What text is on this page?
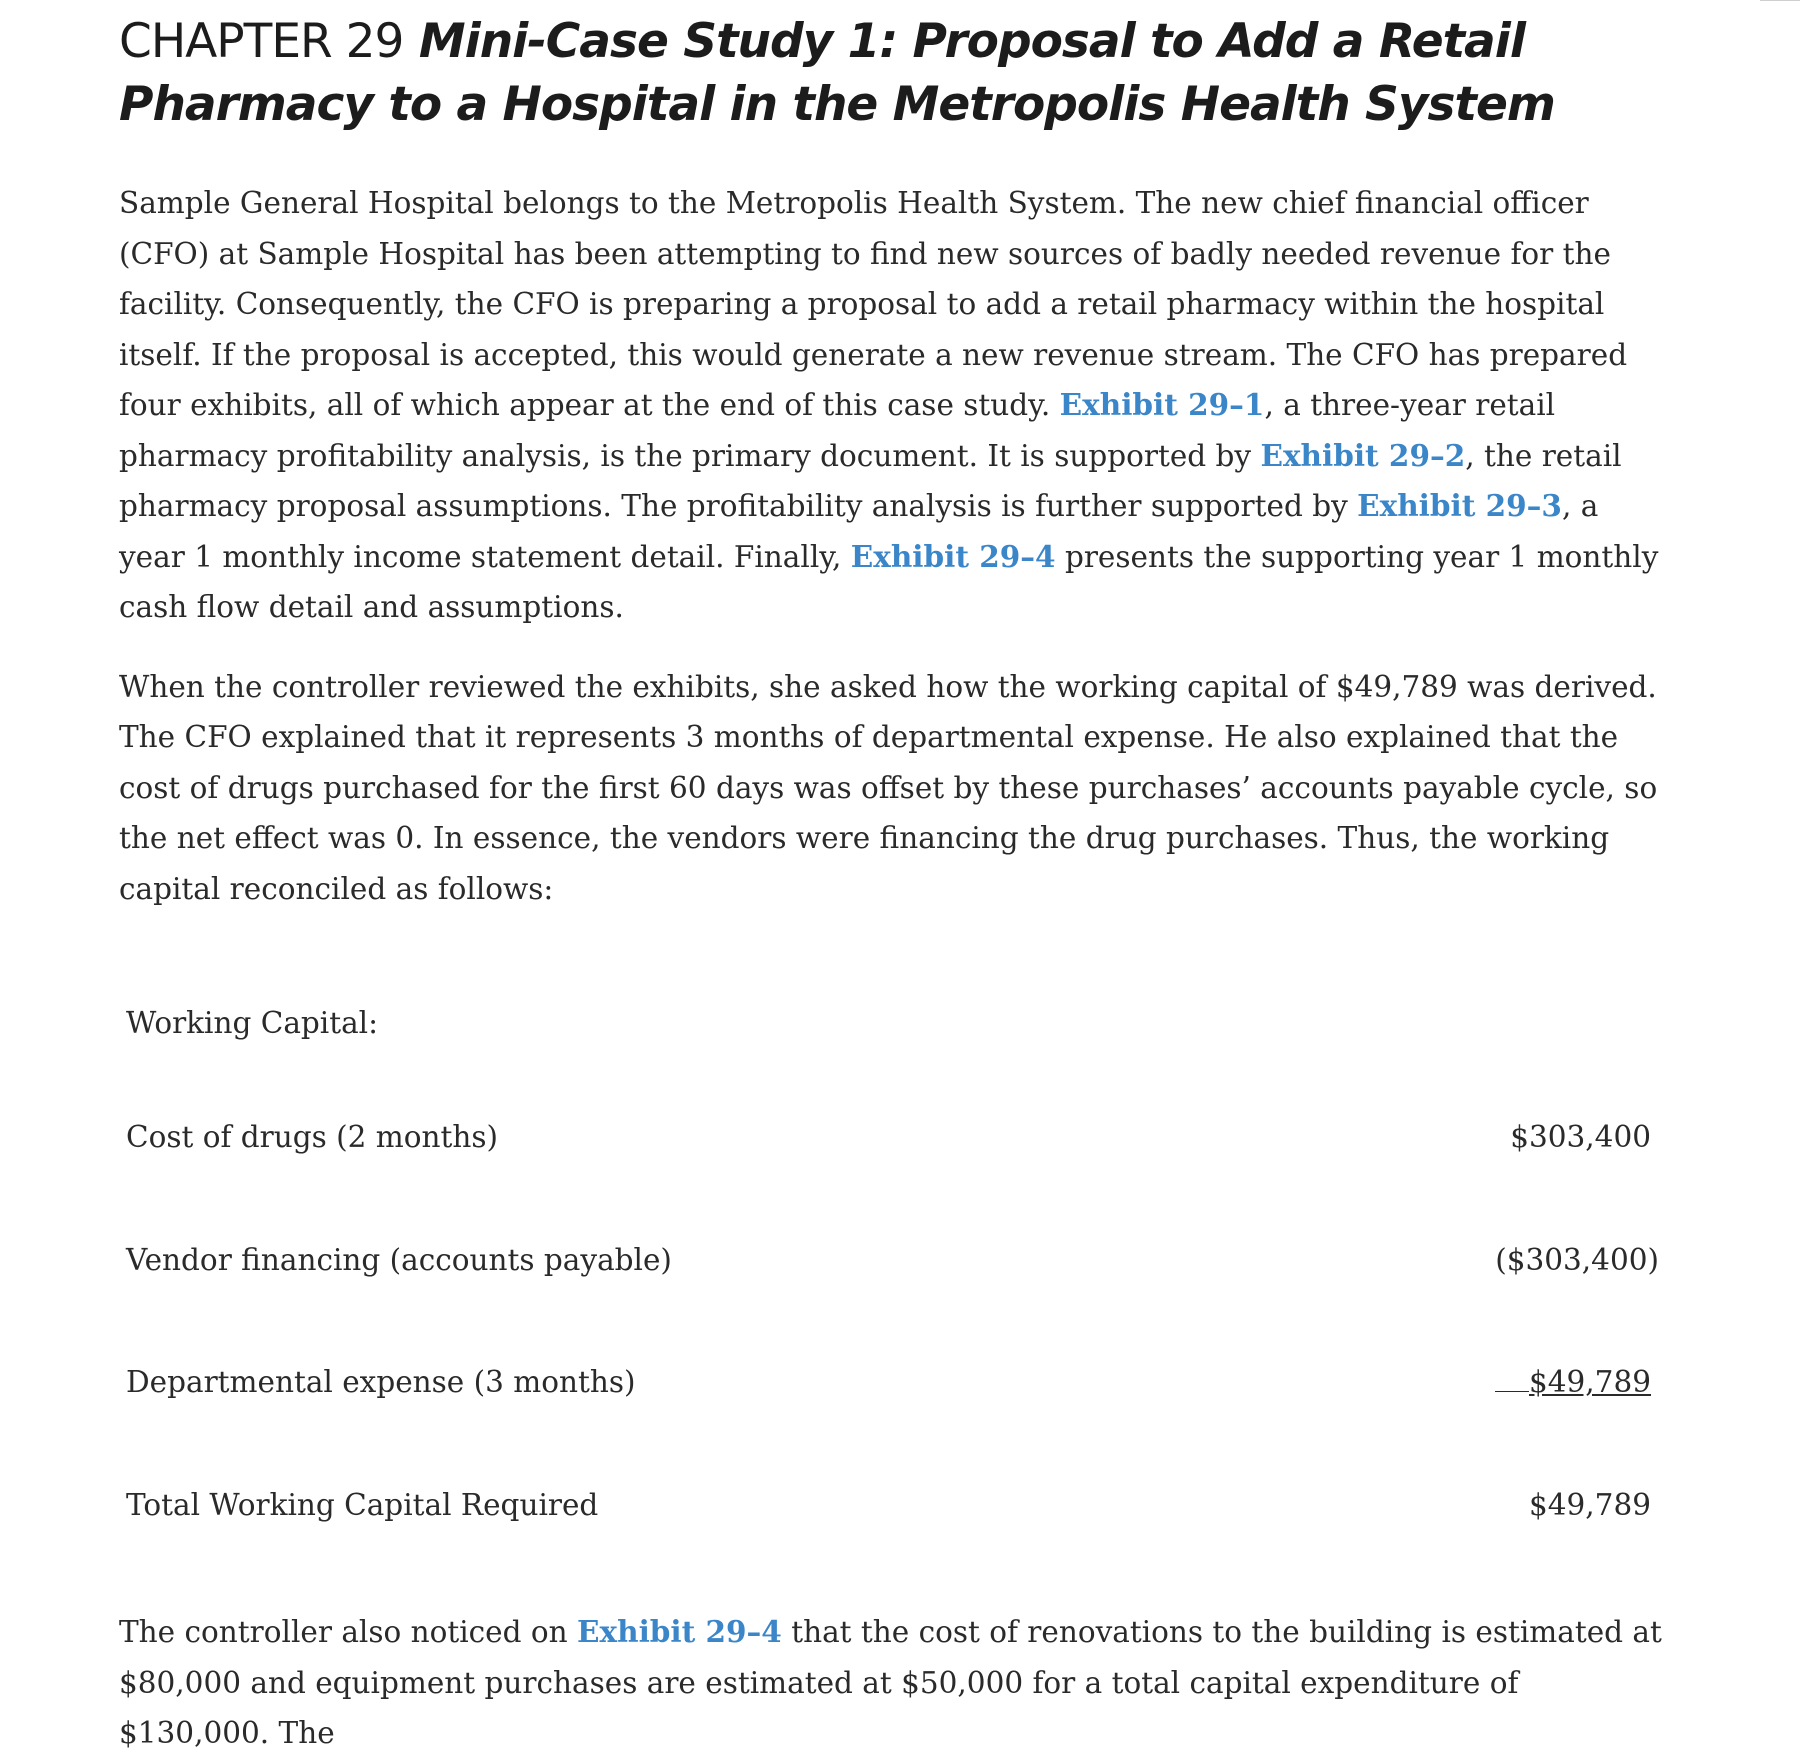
CHAPTER 29 Mini-Case Study 1: Proposal to Add a Retail Pharmacy to a Hospital in the Metropolis Health System

Sample General Hospital belongs to the Metropolis Health System. The new chief financial officer (CFO) at Sample Hospital has been attempting to find new sources of badly needed revenue for the facility. Consequently, the CFO is preparing a proposal to add a retail pharmacy within the hospital itself. If the proposal is accepted, this would generate a new revenue stream. The CFO has prepared four exhibits, all of which appear at the end of this case study. Exhibit 29–1, a three-year retail pharmacy profitability analysis, is the primary document. It is supported by Exhibit 29–2, the retail pharmacy proposal assumptions. The profitability analysis is further supported by Exhibit 29–3, a year 1 monthly income statement detail. Finally, Exhibit 29–4 presents the supporting year 1 monthly cash flow detail and assumptions.

When the controller reviewed the exhibits, she asked how the working capital of $49,789 was derived. The CFO explained that it represents 3 months of departmental expense. He also explained that the cost of drugs purchased for the first 60 days was offset by these purchases’ accounts payable cycle, so the net effect was 0. In essence, the vendors were financing the drug purchases. Thus, the working capital reconciled as follows:

Working Capital:
Cost of drugs (2 months)	$303,400
Vendor financing (accounts payable)	($303,400)
Departmental expense (3 months)	$49,789
Total Working Capital Required	$49,789

The controller also noticed on Exhibit 29–4 that the cost of renovations to the building is estimated at $80,000 and equipment purchases are estimated at $50,000 for a total capital expenditure of $130,000. The
